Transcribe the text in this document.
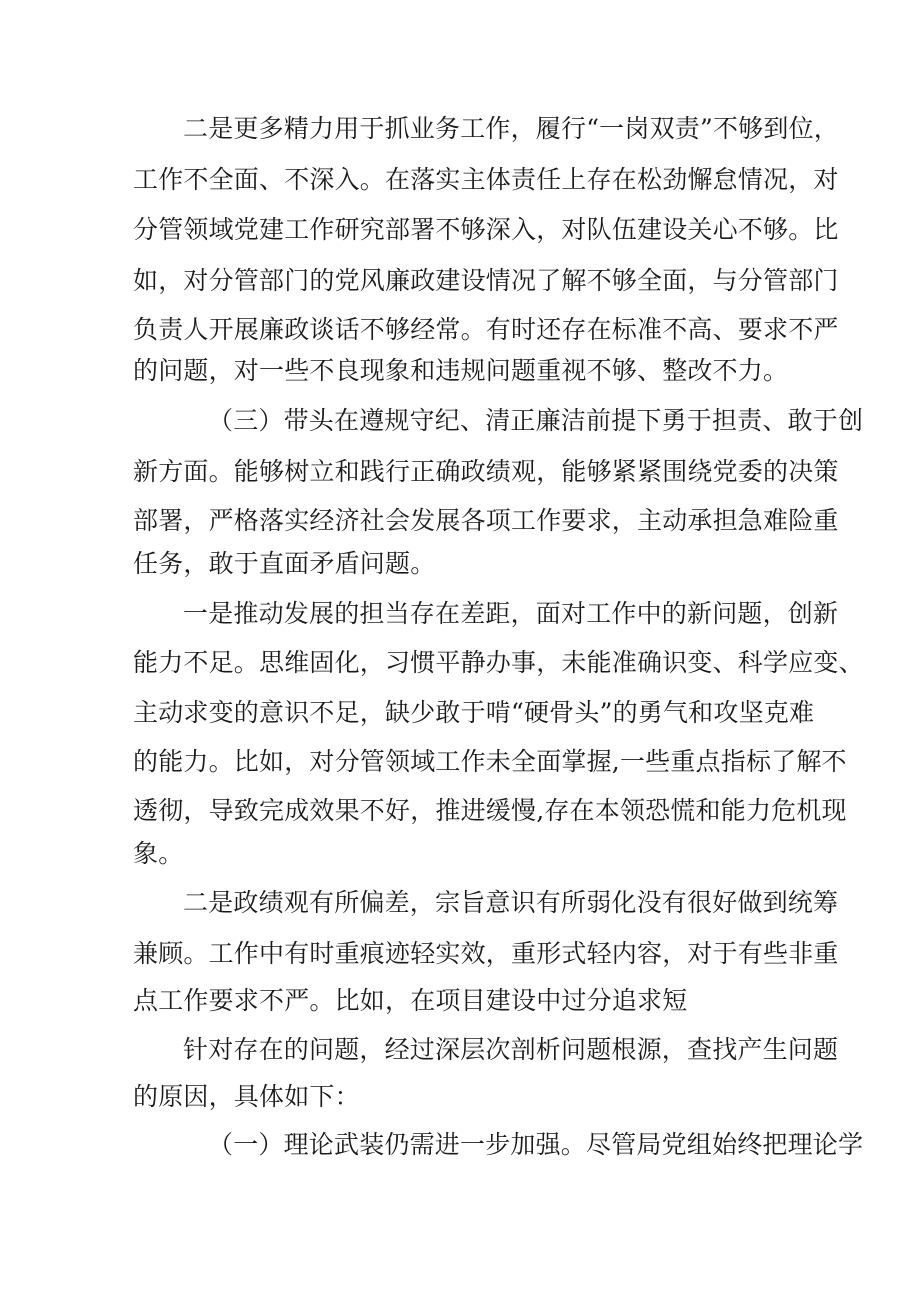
二是更多精力用于抓业务工作，履行“一岗双责”不够到位，
工作不全面、不深入。在落实主体责任上存在松劲懈怠情况，对
分管领域党建工作研究部署不够深入，对队伍建设关心不够。比
如，对分管部门的党风廉政建设情况了解不够全面，与分管部门
负责人开展廉政谈话不够经常。有时还存在标准不高、要求不严
的问题，对一些不良现象和违规问题重视不够、整改不力。
（三）带头在遵规守纪、清正廉洁前提下勇于担责、敢于创
新方面。能够树立和践行正确政绩观，能够紧紧围绕党委的决策
部署，严格落实经济社会发展各项工作要求，主动承担急难险重
任务，敢于直面矛盾问题。
一是推动发展的担当存在差距，面对工作中的新问题，创新
能力不足。思维固化，习惯平静办事，未能准确识变、科学应变、
主动求变的意识不足，缺少敢于啃“硬骨头”的勇气和攻坚克难
的能力。比如，对分管领域工作未全面掌握,一些重点指标了解不
透彻，导致完成效果不好，推进缓慢,存在本领恐慌和能力危机现
象。
二是政绩观有所偏差，宗旨意识有所弱化没有很好做到统筹
兼顾。工作中有时重痕迹轻实效，重形式轻内容，对于有些非重
点工作要求不严。比如，在项目建设中过分追求短
针对存在的问题，经过深层次剖析问题根源，查找产生问题
的原因，具体如下：
（一）理论武装仍需进一步加强。尽管局党组始终把理论学
